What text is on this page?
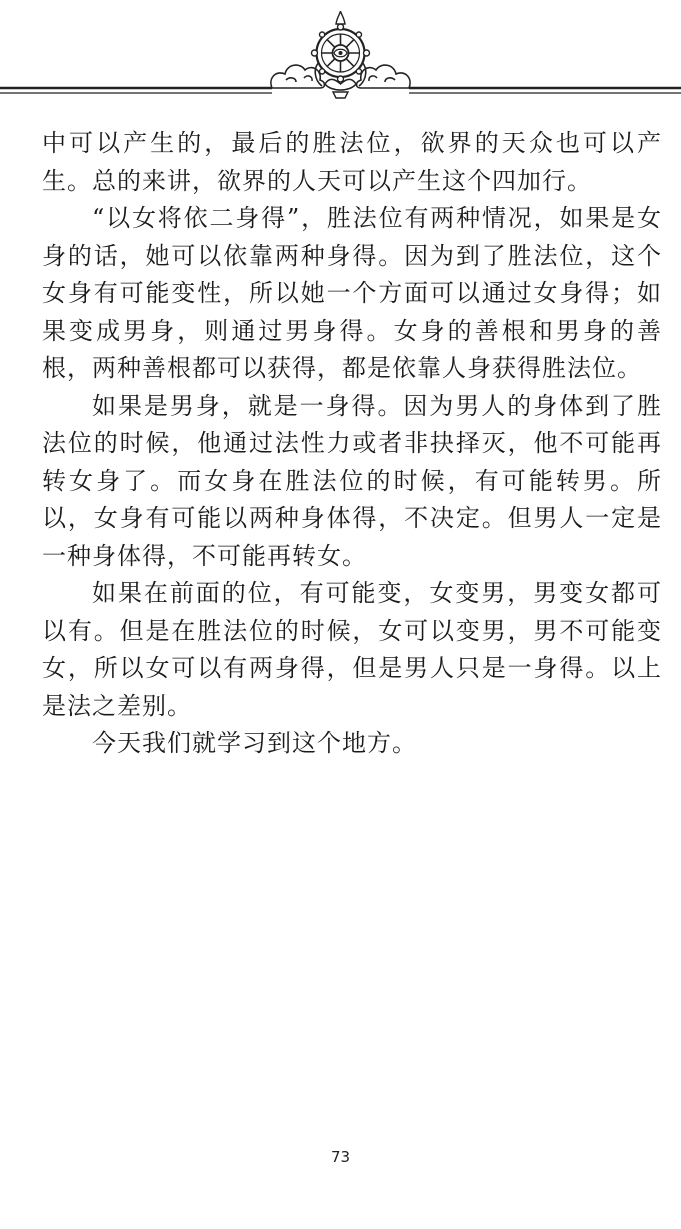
中可以产生的，最后的胜法位，欲界的天众也可以产生。总的来讲，欲界的人天可以产生这个四加行。

“以女将依二身得”，胜法位有两种情况，如果是女身的话，她可以依靠两种身得。因为到了胜法位，这个女身有可能变性，所以她一个方面可以通过女身得；如果变成男身，则通过男身得。女身的善根和男身的善根，两种善根都可以获得，都是依靠人身获得胜法位。

如果是男身，就是一身得。因为男人的身体到了胜法位的时候，他通过法性力或者非抉择灭，他不可能再转女身了。而女身在胜法位的时候，有可能转男。所以，女身有可能以两种身体得，不决定。但男人一定是一种身体得，不可能再转女。

如果在前面的位，有可能变，女变男，男变女都可以有。但是在胜法位的时候，女可以变男，男不可能变女，所以女可以有两身得，但是男人只是一身得。以上是法之差别。

今天我们就学习到这个地方。

73
